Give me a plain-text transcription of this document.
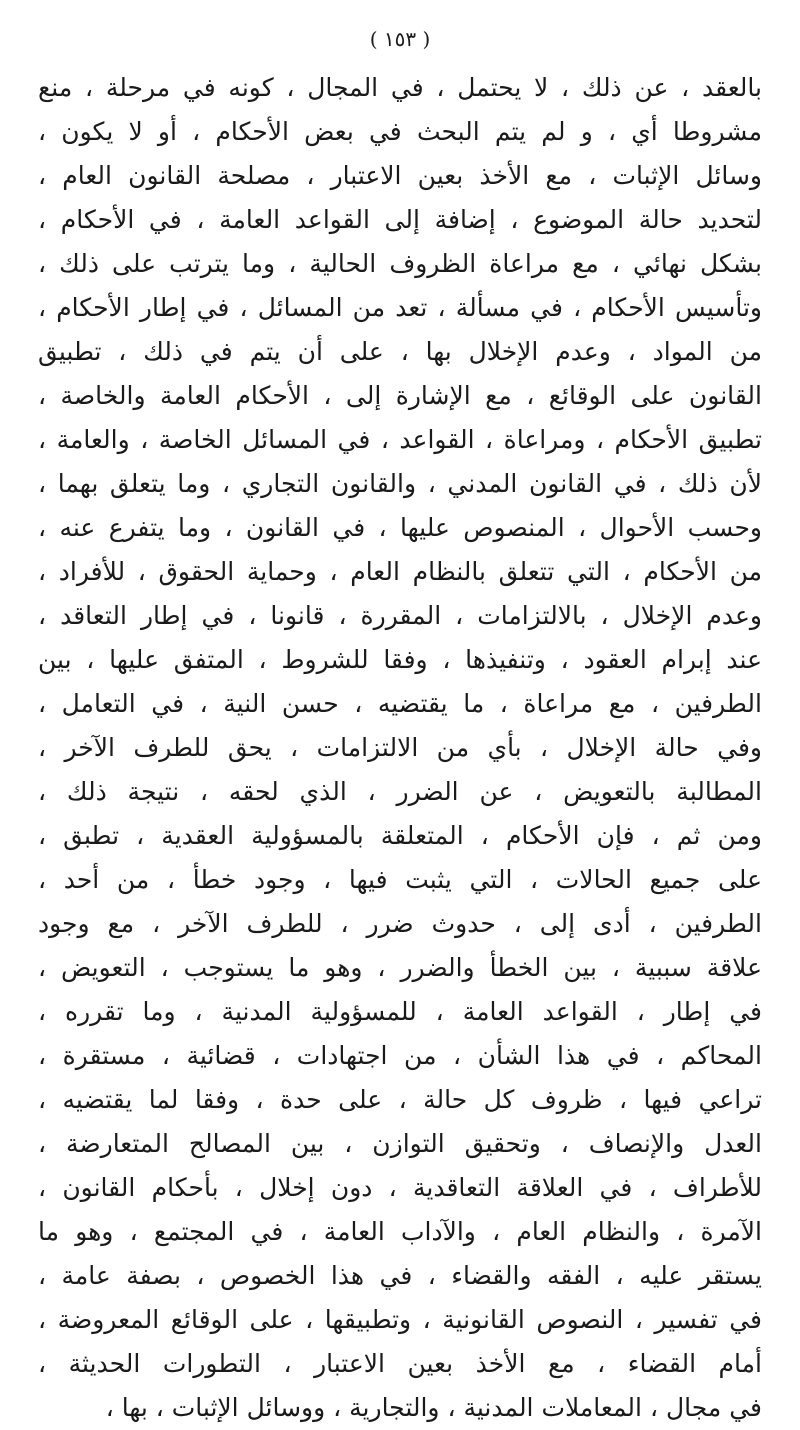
( ١٥٣ )
بالعقد ، عن ذلك ، لا يحتمل ، في المجال ، كونه في مرحلة ، منع
مشروطا أي ، و لم يتم البحث في بعض الأحكام ، أو لا يكون ،
وسائل الإثبات ، مع الأخذ بعين الاعتبار ، مصلحة القانون العام ،
لتحديد حالة الموضوع ، إضافة إلى القواعد العامة ، في الأحكام ،
بشكل نهائي ، مع مراعاة الظروف الحالية ، وما يترتب على ذلك ،
وتأسيس الأحكام ، في مسألة ، تعد من المسائل ، في إطار الأحكام ،
من المواد ، وعدم الإخلال بها ، على أن يتم في ذلك ، تطبيق
القانون على الوقائع ، مع الإشارة إلى ، الأحكام العامة والخاصة ،
تطبيق الأحكام ، ومراعاة ، القواعد ، في المسائل الخاصة ، والعامة ،
لأن ذلك ، في القانون المدني ، والقانون التجاري ، وما يتعلق بهما ،
وحسب الأحوال ، المنصوص عليها ، في القانون ، وما يتفرع عنه ،
من الأحكام ، التي تتعلق بالنظام العام ، وحماية الحقوق ، للأفراد ،
وعدم الإخلال ، بالالتزامات ، المقررة ، قانونا ، في إطار التعاقد ،
عند إبرام العقود ، وتنفيذها ، وفقا للشروط ، المتفق عليها ، بين
الطرفين ، مع مراعاة ، ما يقتضيه ، حسن النية ، في التعامل ،
وفي حالة الإخلال ، بأي من الالتزامات ، يحق للطرف الآخر ،
المطالبة بالتعويض ، عن الضرر ، الذي لحقه ، نتيجة ذلك ،
ومن ثم ، فإن الأحكام ، المتعلقة بالمسؤولية العقدية ، تطبق ،
على جميع الحالات ، التي يثبت فيها ، وجود خطأ ، من أحد ،
الطرفين ، أدى إلى ، حدوث ضرر ، للطرف الآخر ، مع وجود
علاقة سببية ، بين الخطأ والضرر ، وهو ما يستوجب ، التعويض ،
في إطار ، القواعد العامة ، للمسؤولية المدنية ، وما تقرره ،
المحاكم ، في هذا الشأن ، من اجتهادات ، قضائية ، مستقرة ،
تراعي فيها ، ظروف كل حالة ، على حدة ، وفقا لما يقتضيه ،
العدل والإنصاف ، وتحقيق التوازن ، بين المصالح المتعارضة ،
للأطراف ، في العلاقة التعاقدية ، دون إخلال ، بأحكام القانون ،
الآمرة ، والنظام العام ، والآداب العامة ، في المجتمع ، وهو ما
يستقر عليه ، الفقه والقضاء ، في هذا الخصوص ، بصفة عامة ،
في تفسير ، النصوص القانونية ، وتطبيقها ، على الوقائع المعروضة ،
أمام القضاء ، مع الأخذ بعين الاعتبار ، التطورات الحديثة ،
في مجال ، المعاملات المدنية ، والتجارية ، ووسائل الإثبات ، بها ،
